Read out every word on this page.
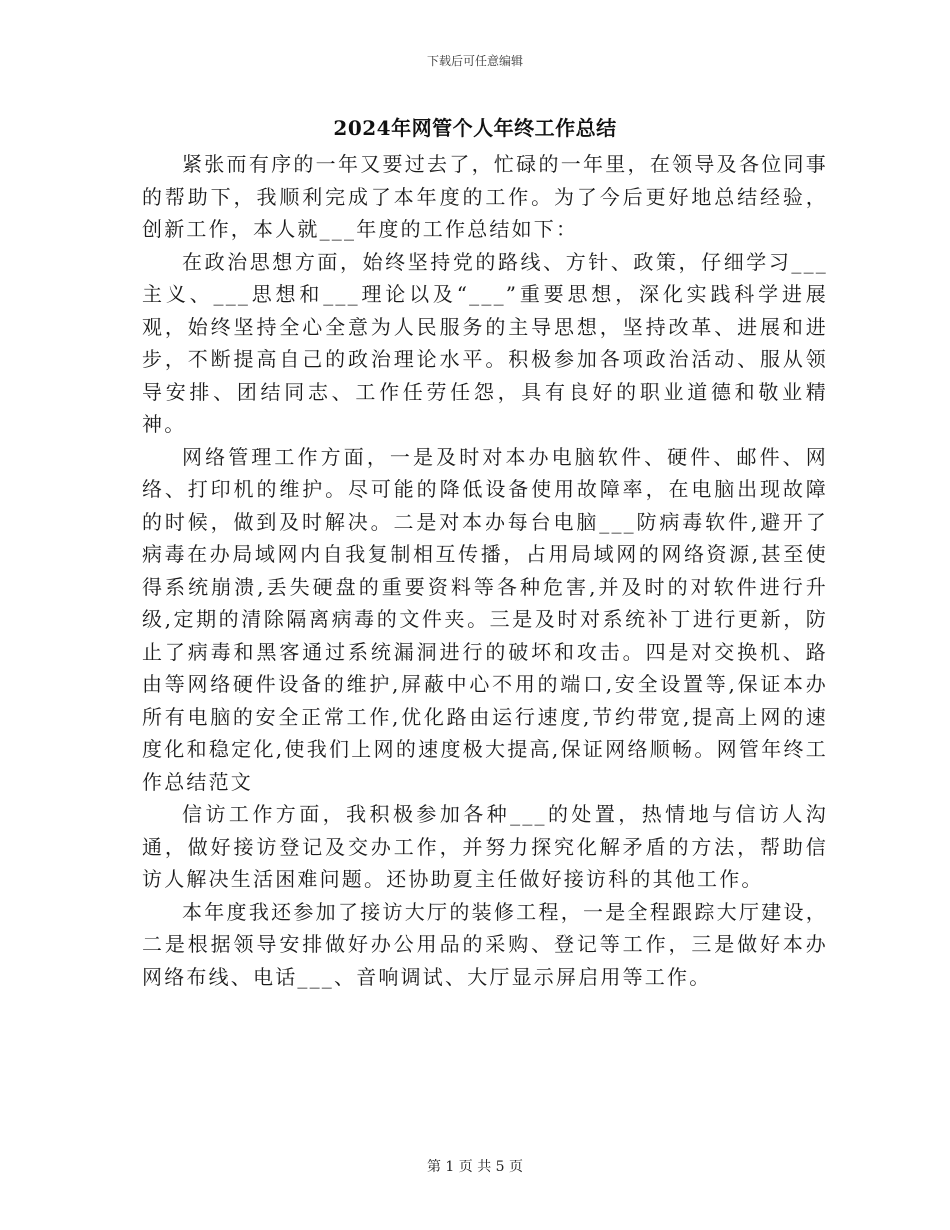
下载后可任意编辑
2024年网管个人年终工作总结

紧张而有序的一年又要过去了，忙碌的一年里，在领导及各位同事的帮助下，我顺利完成了本年度的工作。为了今后更好地总结经验，创新工作，本人就___年度的工作总结如下：

在政治思想方面，始终坚持党的路线、方针、政策，仔细学习___主义、___思想和___理论以及“___”重要思想，深化实践科学进展观，始终坚持全心全意为人民服务的主导思想，坚持改革、进展和进步，不断提高自己的政治理论水平。积极参加各项政治活动、服从领导安排、团结同志、工作任劳任怨，具有良好的职业道德和敬业精神。

网络管理工作方面，一是及时对本办电脑软件、硬件、邮件、网络、打印机的维护。尽可能的降低设备使用故障率，在电脑出现故障的时候，做到及时解决。二是对本办每台电脑___防病毒软件,避开了病毒在办局域网内自我复制相互传播，占用局域网的网络资源,甚至使得系统崩溃,丢失硬盘的重要资料等各种危害,并及时的对软件进行升级,定期的清除隔离病毒的文件夹。三是及时对系统补丁进行更新，防止了病毒和黑客通过系统漏洞进行的破坏和攻击。四是对交换机、路由等网络硬件设备的维护,屏蔽中心不用的端口,安全设置等,保证本办所有电脑的安全正常工作,优化路由运行速度,节约带宽,提高上网的速度化和稳定化,使我们上网的速度极大提高,保证网络顺畅。网管年终工作总结范文

信访工作方面，我积极参加各种___的处置，热情地与信访人沟通，做好接访登记及交办工作，并努力探究化解矛盾的方法，帮助信访人解决生活困难问题。还协助夏主任做好接访科的其他工作。

本年度我还参加了接访大厅的装修工程，一是全程跟踪大厅建设，二是根据领导安排做好办公用品的采购、登记等工作，三是做好本办网络布线、电话___、音响调试、大厅显示屏启用等工作。

第 1 页 共 5 页
